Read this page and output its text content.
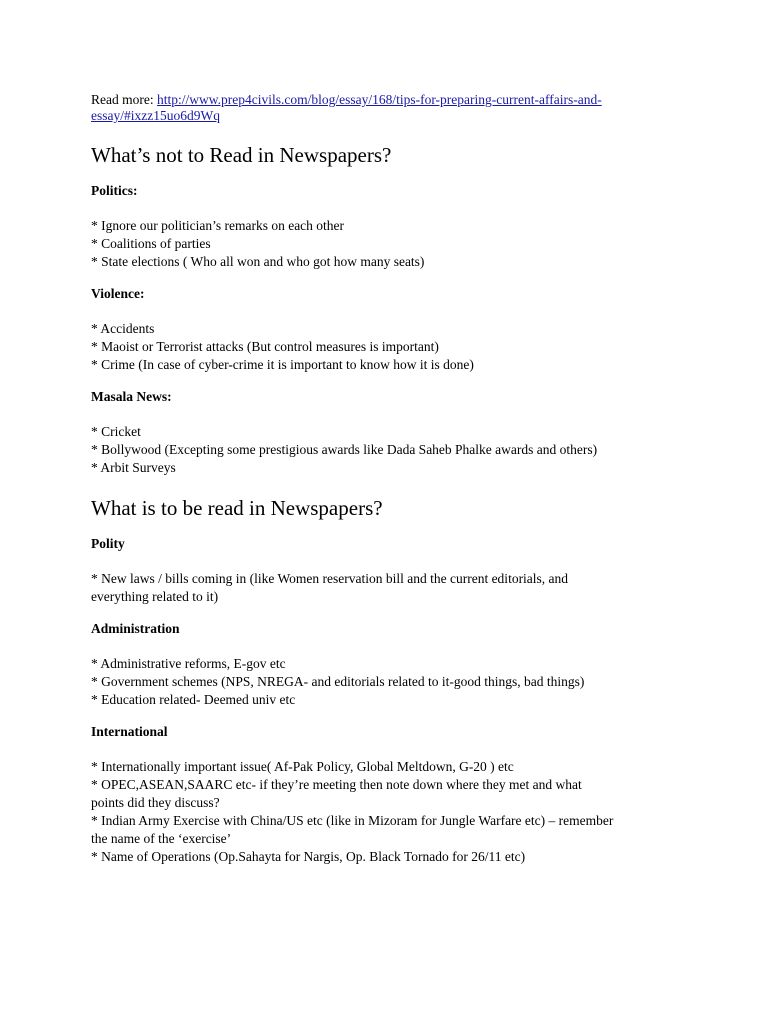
Read more: http://www.prep4civils.com/blog/essay/168/tips-for-preparing-current-affairs-and-
essay/#ixzz15uo6d9Wq

What’s not to Read in Newspapers?
Politics:
* Ignore our politician’s remarks on each other
* Coalitions of parties
* State elections ( Who all won and who got how many seats)
Violence:
* Accidents
* Maoist or Terrorist attacks (But control measures is important)
* Crime (In case of cyber-crime it is important to know how it is done)
Masala News:
* Cricket
* Bollywood (Excepting some prestigious awards like Dada Saheb Phalke awards and others)
* Arbit Surveys
What is to be read in Newspapers?
Polity
* New laws / bills coming in (like Women reservation bill and the current editorials, and
everything related to it)
Administration
* Administrative reforms, E-gov etc
* Government schemes (NPS, NREGA- and editorials related to it-good things, bad things)
* Education related- Deemed univ etc
International
* Internationally important issue( Af-Pak Policy, Global Meltdown, G-20 ) etc
* OPEC,ASEAN,SAARC etc- if they’re meeting then note down where they met and what
points did they discuss?
* Indian Army Exercise with China/US etc (like in Mizoram for Jungle Warfare etc) – remember
the name of the ‘exercise’
* Name of Operations (Op.Sahayta for Nargis, Op. Black Tornado for 26/11 etc)
